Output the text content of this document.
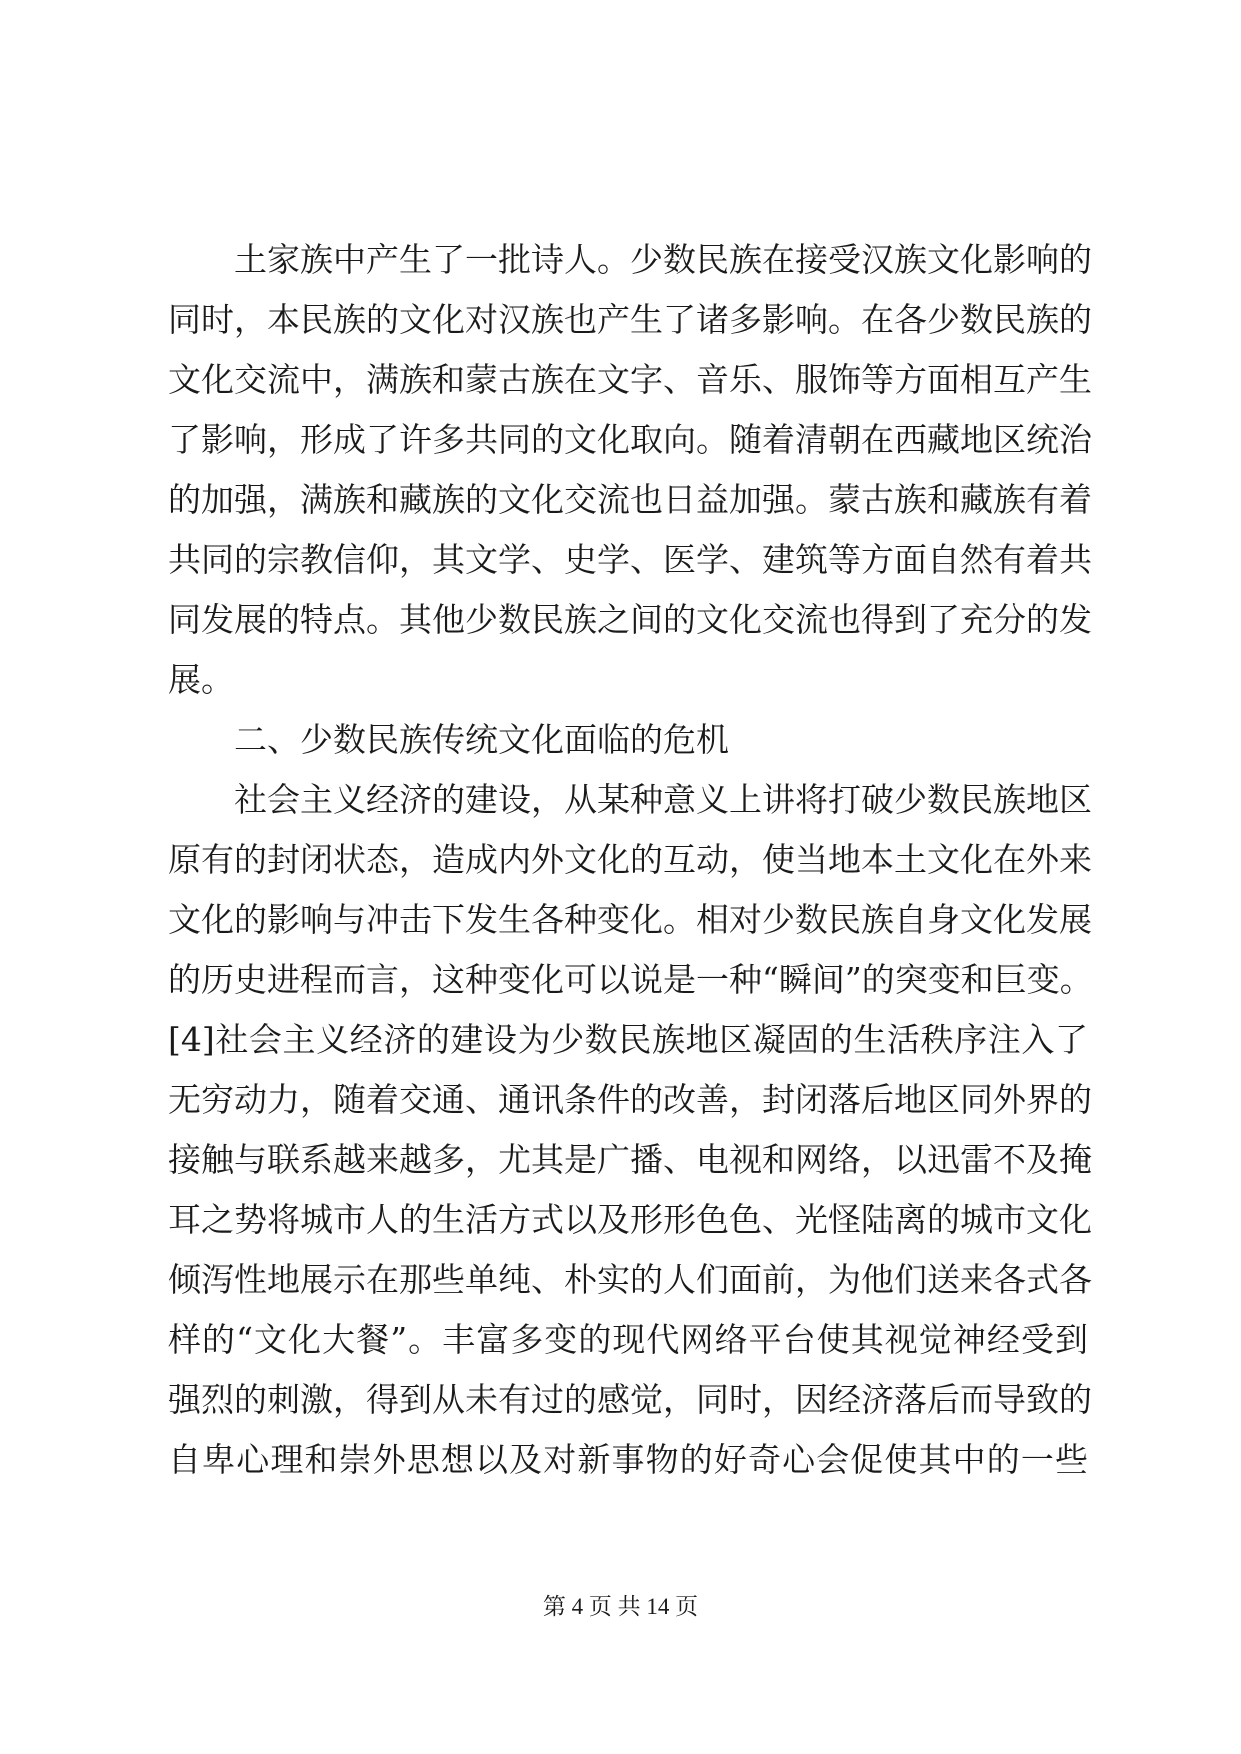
土家族中产生了一批诗人。少数民族在接受汉族文化影响的
同时，本民族的文化对汉族也产生了诸多影响。在各少数民族的
文化交流中，满族和蒙古族在文字、音乐、服饰等方面相互产生
了影响，形成了许多共同的文化取向。随着清朝在西藏地区统治
的加强，满族和藏族的文化交流也日益加强。蒙古族和藏族有着
共同的宗教信仰，其文学、史学、医学、建筑等方面自然有着共
同发展的特点。其他少数民族之间的文化交流也得到了充分的发
展。
二、少数民族传统文化面临的危机
社会主义经济的建设，从某种意义上讲将打破少数民族地区
原有的封闭状态，造成内外文化的互动，使当地本土文化在外来
文化的影响与冲击下发生各种变化。相对少数民族自身文化发展
的历史进程而言，这种变化可以说是一种“瞬间”的突变和巨变。
[4]社会主义经济的建设为少数民族地区凝固的生活秩序注入了
无穷动力，随着交通、通讯条件的改善，封闭落后地区同外界的
接触与联系越来越多，尤其是广播、电视和网络，以迅雷不及掩
耳之势将城市人的生活方式以及形形色色、光怪陆离的城市文化
倾泻性地展示在那些单纯、朴实的人们面前，为他们送来各式各
样的“文化大餐”。丰富多变的现代网络平台使其视觉神经受到
强烈的刺激，得到从未有过的感觉，同时，因经济落后而导致的
自卑心理和崇外思想以及对新事物的好奇心会促使其中的一些
第 4 页 共 14 页
